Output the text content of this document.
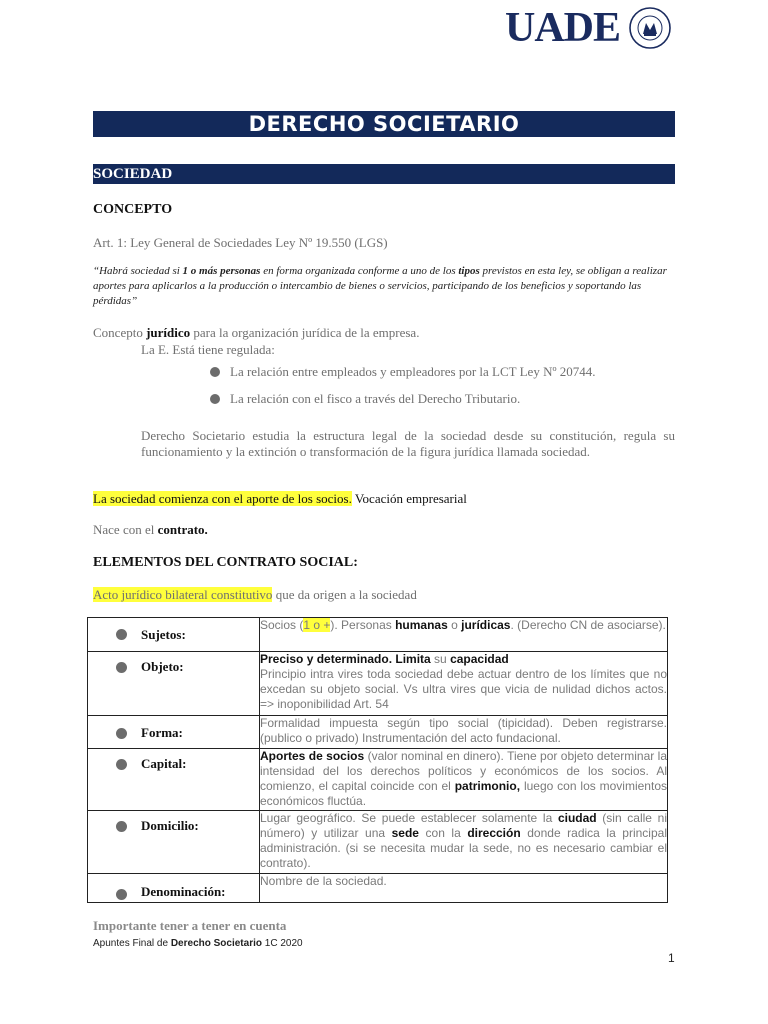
UADE
DERECHO SOCIETARIO
SOCIEDAD
CONCEPTO
Art. 1: Ley General de Sociedades Ley Nº 19.550 (LGS)
“Habrá sociedad si 1 o más personas en forma organizada conforme a uno de los tipos previstos en esta ley, se obligan a realizar aportes para aplicarlos a la producción o intercambio de bienes o servicios, participando de los beneficios y soportando las pérdidas”
Concepto jurídico para la organización jurídica de la empresa.
La E. Está tiene regulada:
La relación entre empleados y empleadores por la LCT Ley Nº 20744.
La relación con el fisco a través del Derecho Tributario.
Derecho Societario estudia la estructura legal de la sociedad desde su constitución, regula su funcionamiento y la extinción o transformación de la figura jurídica llamada sociedad.
La sociedad comienza con el aporte de los socios. Vocación empresarial
Nace con el contrato.
ELEMENTOS DEL CONTRATO SOCIAL:
Acto jurídico bilateral constitutivo que da origen a la sociedad
Sujetos:	Socios (1 o +). Personas humanas o jurídicas. (Derecho CN de asociarse).

Objeto:	Preciso y determinado. Limita su capacidad
Principio intra vires toda sociedad debe actuar dentro de los límites que no excedan su objeto social. Vs ultra vires que vicia de nulidad dichos actos. => inoponibilidad Art. 54

Forma:	Formalidad impuesta según tipo social (tipicidad). Deben registrarse. (publico o privado) Instrumentación del acto fundacional.

Capital:	Aportes de socios (valor nominal en dinero). Tiene por objeto determinar la intensidad del los derechos políticos y económicos de los socios. Al comienzo, el capital coincide con el patrimonio, luego con los movimientos económicos fluctúa.

Domicilio:	Lugar geográfico. Se puede establecer solamente la ciudad (sin calle ni número) y utilizar una sede con la dirección donde radica la principal administración. (si se necesita mudar la sede, no es necesario cambiar el contrato).

Denominación:	Nombre de la sociedad.
Importante tener a tener en cuenta
Apuntes Final de Derecho Societario 1C 2020
1
